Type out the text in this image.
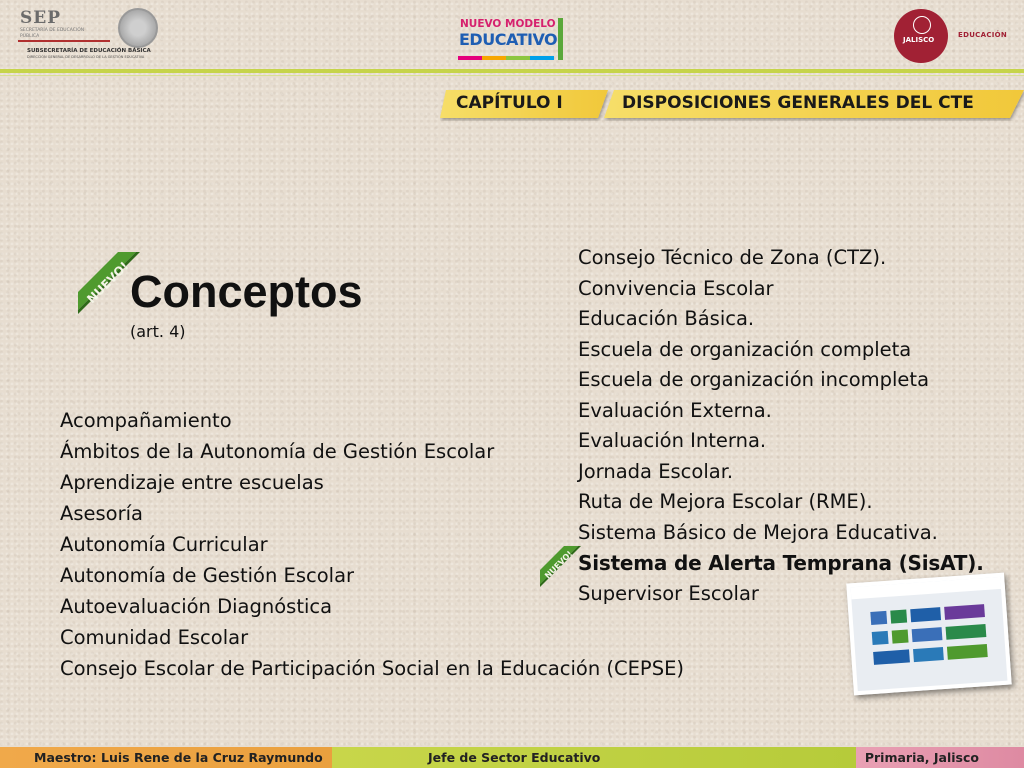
SEP
SECRETARÍA DE EDUCACIÓN PÚBLICA
SUBSECRETARÍA DE EDUCACIÓN BÁSICA
DIRECCIÓN GENERAL DE DESARROLLO DE LA GESTIÓN EDUCATIVA
NUEVO MODELO
EDUCATIVO	JALISCO
EDUCACIÓN
CAPÍTULO I	DISPOSICIONES GENERALES DEL CTE
NUEVO!
Conceptos
(art. 4)
Acompañamiento
Ámbitos de la Autonomía de Gestión Escolar
Aprendizaje entre escuelas
Asesoría
Autonomía Curricular
Autonomía de Gestión Escolar
Autoevaluación Diagnóstica
Comunidad Escolar
Consejo Escolar de Participación Social en la Educación (CEPSE)
Consejo Técnico de Zona (CTZ).
Convivencia Escolar
Educación Básica.
Escuela de organización completa
Escuela de organización incompleta
Evaluación Externa.
Evaluación Interna.
Jornada Escolar.
Ruta de Mejora Escolar (RME).
Sistema Básico de Mejora Educativa.
Sistema de Alerta Temprana (SisAT).
Supervisor Escolar
NUEVO!
Maestro: Luis Rene de la Cruz Raymundo	Jefe de Sector Educativo	Primaria, Jalisco
